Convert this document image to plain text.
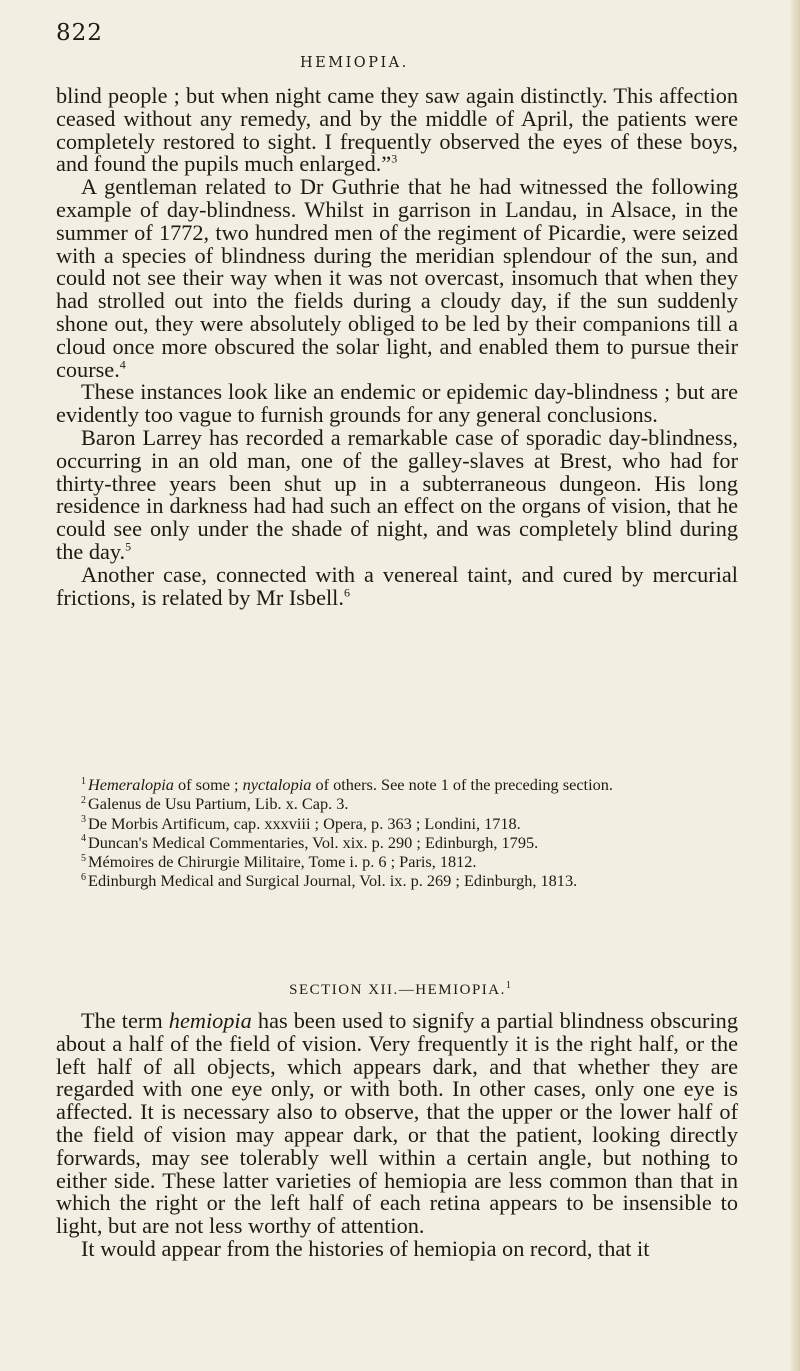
822
HEMIOPIA.

blind people ; but when night came they saw again distinctly. This affection ceased without any remedy, and by the middle of April, the patients were completely restored to sight. I frequently observed the eyes of these boys, and found the pupils much enlarged.”$^3$

A gentleman related to Dr Guthrie that he had witnessed the following example of day-blindness. Whilst in garrison in Landau, in Alsace, in the summer of 1772, two hundred men of the regiment of Picardie, were seized with a species of blindness during the meridian splendour of the sun, and could not see their way when it was not overcast, insomuch that when they had strolled out into the fields during a cloudy day, if the sun suddenly shone out, they were absolutely obliged to be led by their companions till a cloud once more obscured the solar light, and enabled them to pursue their course.$^4$

These instances look like an endemic or epidemic day-blindness ; but are evidently too vague to furnish grounds for any general conclusions.

Baron Larrey has recorded a remarkable case of sporadic day-blindness, occurring in an old man, one of the galley-slaves at Brest, who had for thirty-three years been shut up in a subterraneous dungeon. His long residence in darkness had had such an effect on the organs of vision, that he could see only under the shade of night, and was completely blind during the day.$^5$

Another case, connected with a venereal taint, and cured by mercurial frictions, is related by Mr Isbell.$^6$

$^1$ Hemeralopia of some ; nyctalopia of others. See note 1 of the preceding section.

$^2$ Galenus de Usu Partium, Lib. x. Cap. 3.

$^3$ De Morbis Artificum, cap. xxxviii ; Opera, p. 363 ; Londini, 1718.

$^4$ Duncan's Medical Commentaries, Vol. xix. p. 290 ; Edinburgh, 1795.

$^5$ Mémoires de Chirurgie Militaire, Tome i. p. 6 ; Paris, 1812.

$^6$ Edinburgh Medical and Surgical Journal, Vol. ix. p. 269 ; Edinburgh, 1813.

SECTION XII.—HEMIOPIA.$^1$

The term hemiopia has been used to signify a partial blindness obscuring about a half of the field of vision. Very frequently it is the right half, or the left half of all objects, which appears dark, and that whether they are regarded with one eye only, or with both. In other cases, only one eye is affected. It is necessary also to observe, that the upper or the lower half of the field of vision may appear dark, or that the patient, looking directly forwards, may see tolerably well within a certain angle, but nothing to either side. These latter varieties of hemiopia are less common than that in which the right or the left half of each retina appears to be insensible to light, but are not less worthy of attention.

It would appear from the histories of hemiopia on record, that it
